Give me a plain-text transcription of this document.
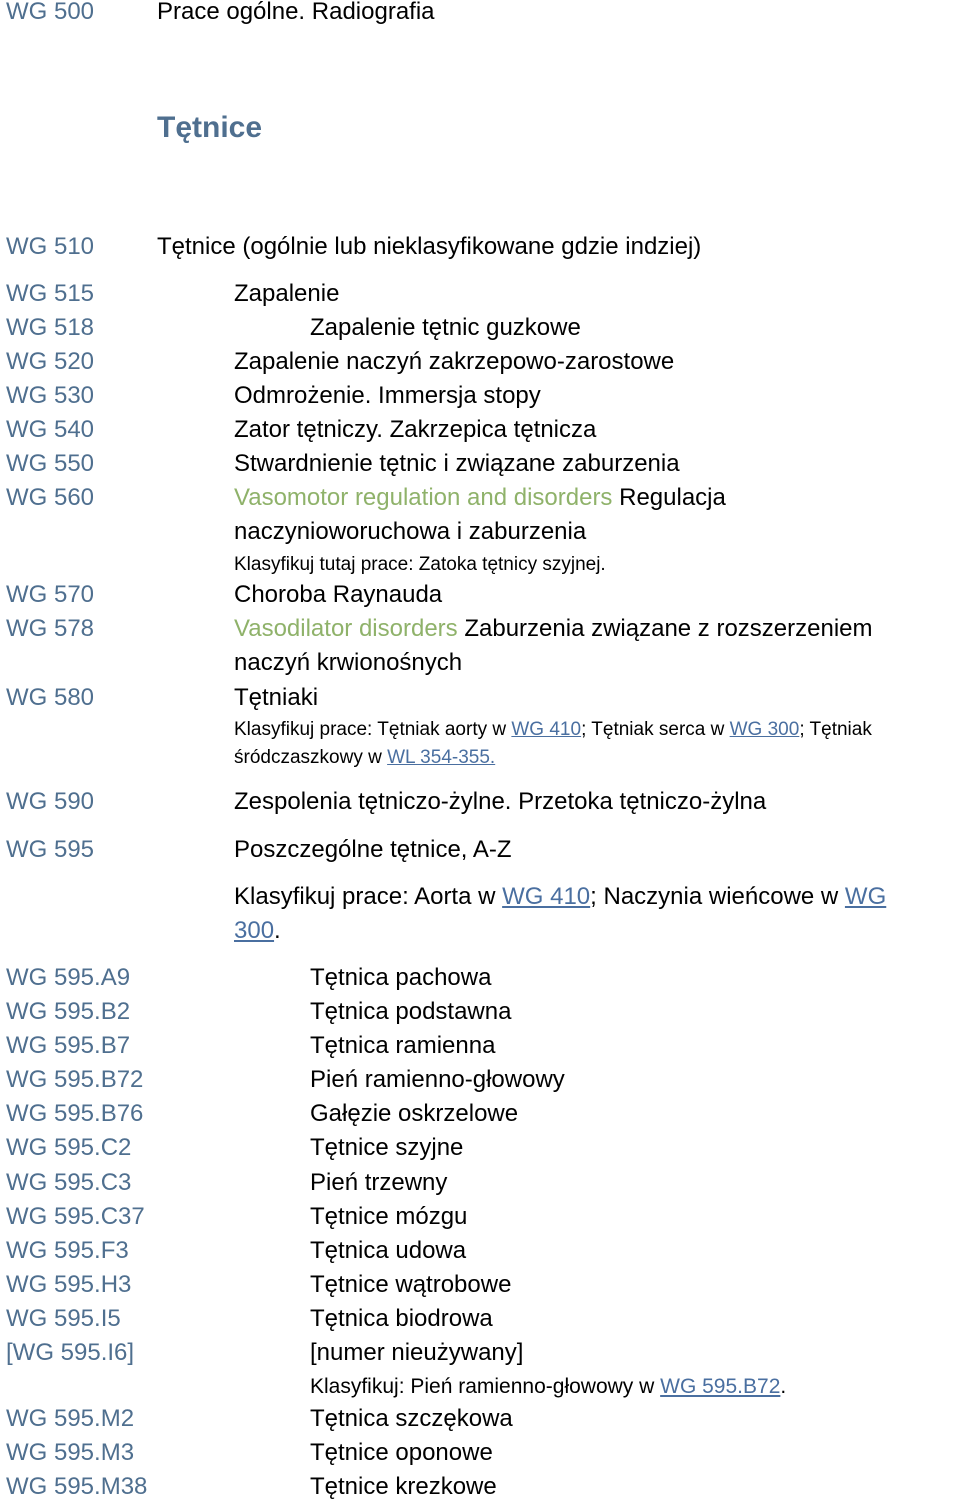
WG 500	Prace ogólne. Radiografia
Tętnice
WG 510	Tętnice (ogólnie lub nieklasyfikowane gdzie indziej)
WG 515	Zapalenie
WG 518	Zapalenie tętnic guzkowe
WG 520	Zapalenie naczyń zakrzepowo-zarostowe
WG 530	Odmrożenie. Immersja stopy
WG 540	Zator tętniczy. Zakrzepica tętnicza
WG 550	Stwardnienie tętnic i związane zaburzenia
WG 560	Vasomotor regulation and disorders Regulacja
naczynioworuchowa i zaburzenia
Klasyfikuj tutaj prace: Zatoka tętnicy szyjnej.
WG 570	Choroba Raynauda
WG 578	Vasodilator disorders Zaburzenia związane z rozszerzeniem
naczyń krwionośnych
WG 580	Tętniaki
Klasyfikuj prace: Tętniak aorty w WG 410; Tętniak serca w WG 300; Tętniak
śródczaszkowy w WL 354-355.
WG 590	Zespolenia tętniczo-żylne. Przetoka tętniczo-żylna
WG 595	Poszczególne tętnice, A-Z
Klasyfikuj prace: Aorta w WG 410; Naczynia wieńcowe w WG
300.
WG 595.A9	Tętnica pachowa
WG 595.B2	Tętnica podstawna
WG 595.B7	Tętnica ramienna
WG 595.B72	Pień ramienno-głowowy
WG 595.B76	Gałęzie oskrzelowe
WG 595.C2	Tętnice szyjne
WG 595.C3	Pień trzewny
WG 595.C37	Tętnice mózgu
WG 595.F3	Tętnica udowa
WG 595.H3	Tętnice wątrobowe
WG 595.I5	Tętnica biodrowa
[WG 595.I6]	[numer nieużywany]
Klasyfikuj: Pień ramienno-głowowy w WG 595.B72.
WG 595.M2	Tętnica szczękowa
WG 595.M3	Tętnice oponowe
WG 595.M38	Tętnice krezkowe
